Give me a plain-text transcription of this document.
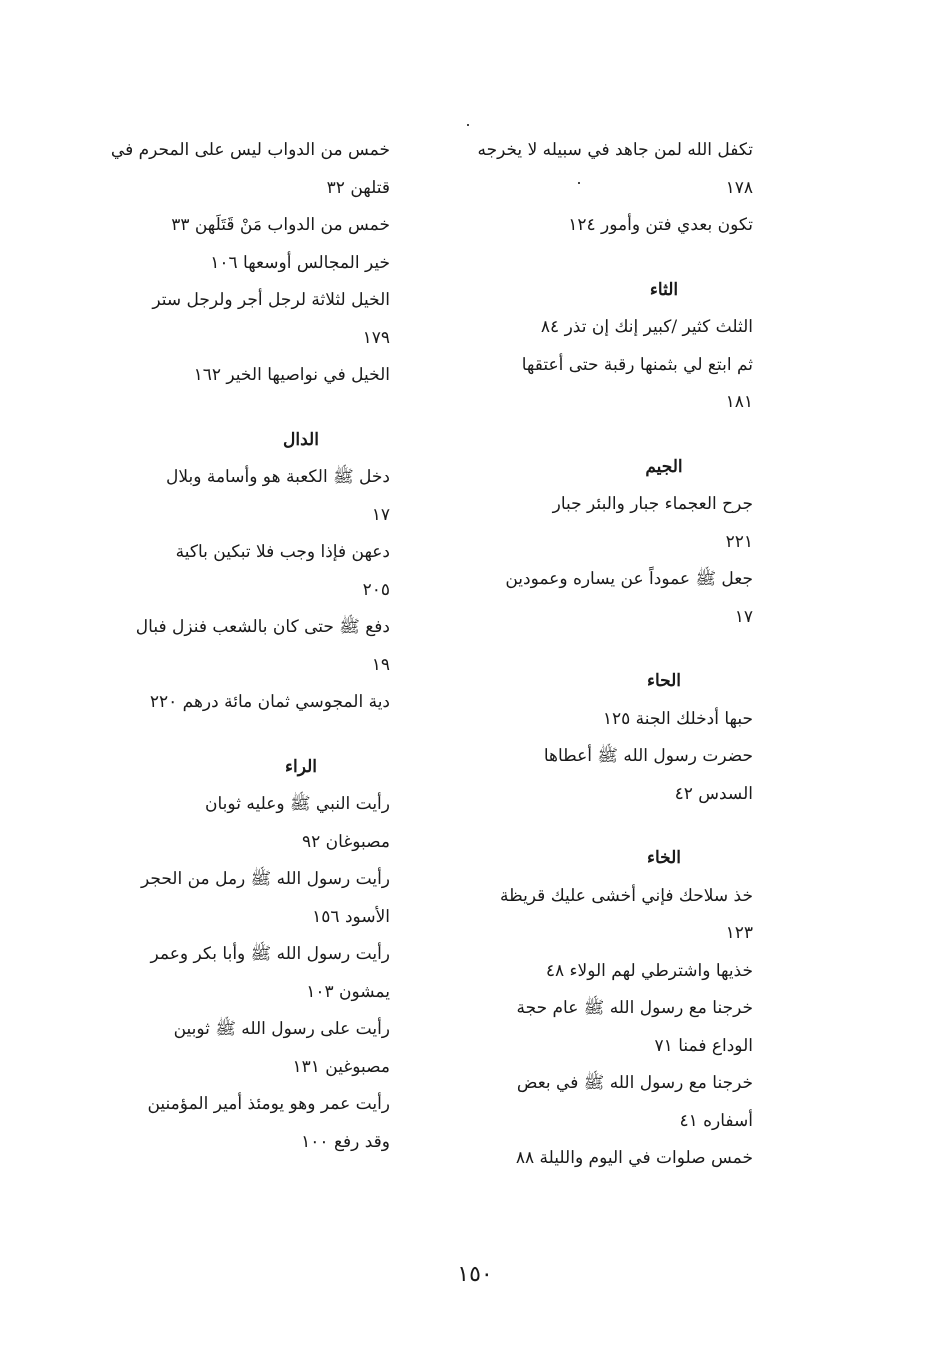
تكفل الله لمن جاهد في سبيله لا يخرجه
١٧٨
تكون بعدي فتن وأمور ١٢٤
الثاء
الثلث كثير /كبير إنك إن تذر ٨٤
ثم ابتع لي بثمنها رقبة حتى أعتقها
١٨١
الجيم
جرح العجماء جبار والبئر جبار
٢٢١
جعل ﷺ عموداً عن يساره وعمودين
١٧
الحاء
حبها أدخلك الجنة ١٢٥
حضرت رسول الله ﷺ أعطاها
السدس ٤٢
الخاء
خذ سلاحك فإني أخشى عليك قريظة
١٢٣
خذيها واشترطي لهم الولاء ٤٨
خرجنا مع رسول الله ﷺ عام حجة
الوداع فمنا ٧١
خرجنا مع رسول الله ﷺ في بعض
أسفاره ٤١
خمس صلوات في اليوم والليلة ٨٨
خمس من الدواب ليس على المحرم في
قتلهن ٣٢
خمس من الدواب مَنْ قَتَلَهن ٣٣
خير المجالس أوسعها ١٠٦
الخيل لثلاثة لرجل أجر ولرجل ستر
١٧٩
الخيل في نواصيها الخير ١٦٢
الدال
دخل ﷺ الكعبة هو وأسامة وبلال
١٧
دعهن فإذا وجب فلا تبكين باكية
٢٠٥
دفع ﷺ حتى كان بالشعب فنزل فبال
١٩
دية المجوسي ثمان مائة درهم ٢٢٠
الراء
رأيت النبي ﷺ وعليه ثوبان
مصبوغان ٩٢
رأيت رسول الله ﷺ رمل من الحجر
الأسود ١٥٦
رأيت رسول الله ﷺ وأبا بكر وعمر
يمشون ١٠٣
رأيت على رسول الله ﷺ ثوبين
مصبوغين ١٣١
رأيت عمر وهو يومئذ أمير المؤمنين
وقد رفع ١٠٠
١٥٠
